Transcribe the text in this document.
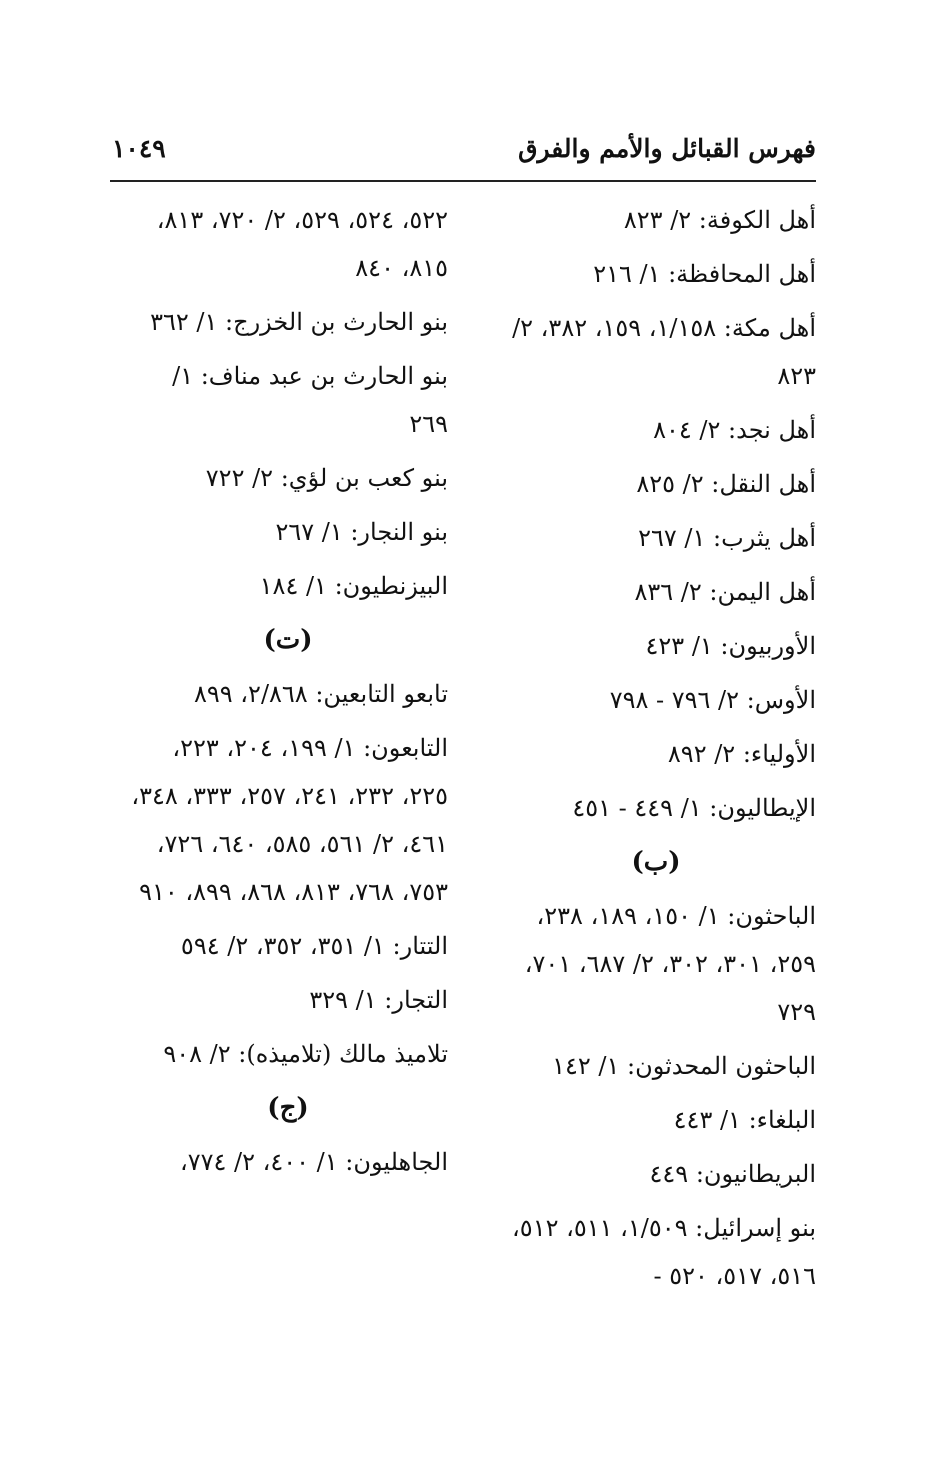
فهرس القبائل والأمم والفرق
١٠٤٩
أهل الكوفة: ٢/ ٨٢٣
أهل المحافظة: ١/ ٢١٦
أهل مكة: ١/١٥٨، ١٥٩، ٣٨٢، ٢/ ٨٢٣
أهل نجد: ٢/ ٨٠٤
أهل النقل: ٢/ ٨٢٥
أهل يثرب: ١/ ٢٦٧
أهل اليمن: ٢/ ٨٣٦
الأوربيون: ١/ ٤٢٣
الأوس: ٢/ ٧٩٦ - ٧٩٨
الأولياء: ٢/ ٨٩٢
الإيطاليون: ١/ ٤٤٩ - ٤٥١
(ب)
الباحثون: ١/ ١٥٠، ١٨٩، ٢٣٨، ٢٥٩، ٣٠١، ٣٠٢، ٢/ ٦٨٧، ٧٠١، ٧٢٩
الباحثون المحدثون: ١/ ١٤٢
البلغاء: ١/ ٤٤٣
البريطانيون: ٤٤٩
بنو إسرائيل: ١/٥٠٩، ٥١١، ٥١٢، ٥١٦، ٥١٧، ٥٢٠ -
٥٢٢، ٥٢٤، ٥٢٩، ٢/ ٧٢٠، ٨١٣، ٨١٥، ٨٤٠
بنو الحارث بن الخزرج: ١/ ٣٦٢
بنو الحارث بن عبد مناف: ١/ ٢٦٩
بنو كعب بن لؤي: ٢/ ٧٢٢
بنو النجار: ١/ ٢٦٧
البيزنطيون: ١/ ١٨٤
(ت)
تابعو التابعين: ٢/٨٦٨، ٨٩٩
التابعون: ١/ ١٩٩، ٢٠٤، ٢٢٣، ٢٢٥، ٢٣٢، ٢٤١، ٢٥٧، ٣٣٣، ٣٤٨، ٤٦١، ٢/ ٥٦١، ٥٨٥، ٦٤٠، ٧٢٦، ٧٥٣، ٧٦٨، ٨١٣، ٨٦٨، ٨٩٩، ٩١٠
التتار: ١/ ٣٥١، ٣٥٢، ٢/ ٥٩٤
التجار: ١/ ٣٢٩
تلاميذ مالك (تلاميذه): ٢/ ٩٠٨
(ج)
الجاهليون: ١/ ٤٠٠، ٢/ ٧٧٤،
